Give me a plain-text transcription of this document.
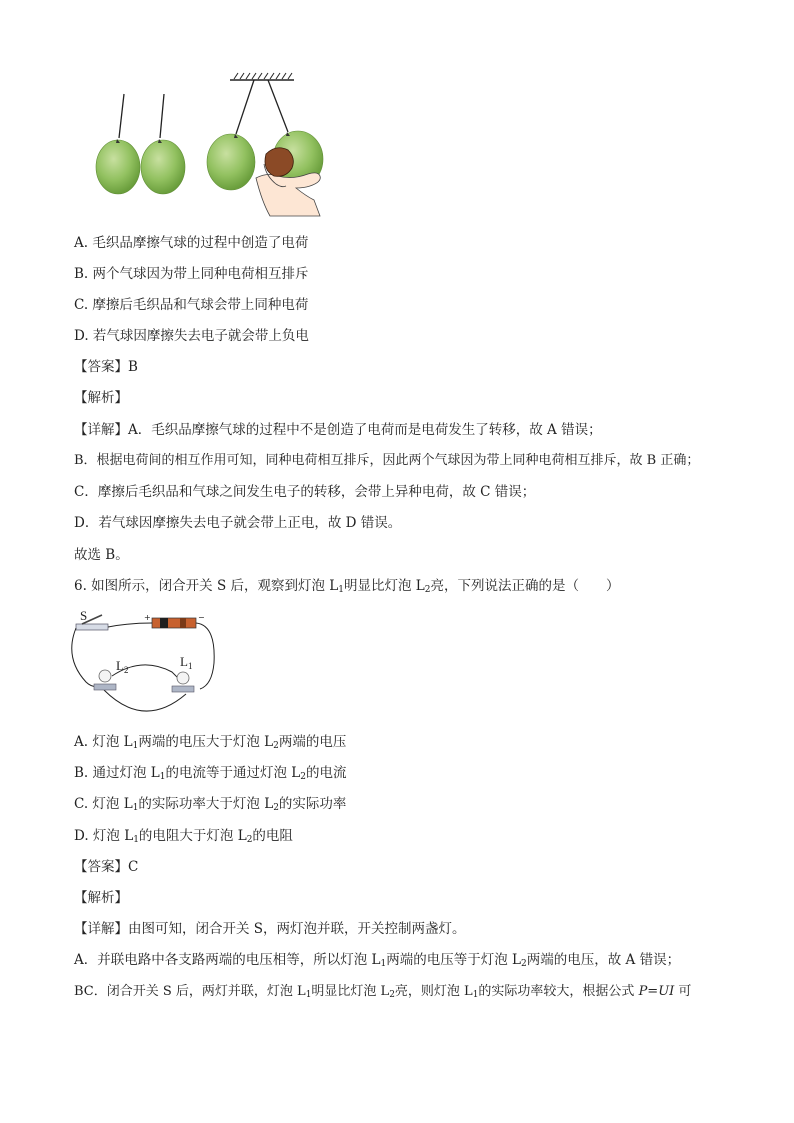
A. 毛织品摩擦气球的过程中创造了电荷
B. 两个气球因为带上同种电荷相互排斥
C. 摩擦后毛织品和气球会带上同种电荷
D. 若气球因摩擦失去电子就会带上负电
【答案】B
【解析】
【详解】A．毛织品摩擦气球的过程中不是创造了电荷而是电荷发生了转移，故 A 错误；
B．根据电荷间的相互作用可知，同种电荷相互排斥，因此两个气球因为带上同种电荷相互排斥，故 B 正确；
C．摩擦后毛织品和气球之间发生电子的转移，会带上异种电荷，故 C 错误；
D．若气球因摩擦失去电子就会带上正电，故 D 错误。
故选 B。
6. 如图所示，闭合开关 S 后，观察到灯泡 $L_1$明显比灯泡 $L_2$亮，下列说法正确的是（　　）
S	+	−
$L_2$
$L_1$
A. 灯泡 $L_1$两端的电压大于灯泡 $L_2$两端的电压
B. 通过灯泡 $L_1$的电流等于通过灯泡 $L_2$的电流
C. 灯泡 $L_1$的实际功率大于灯泡 $L_2$的实际功率
D. 灯泡 $L_1$的电阻大于灯泡 $L_2$的电阻
【答案】C
【解析】
【详解】由图可知，闭合开关 S，两灯泡并联，开关控制两盏灯。
A．并联电路中各支路两端的电压相等，所以灯泡 $L_1$两端的电压等于灯泡 $L_2$两端的电压，故 A 错误；
BC．闭合开关 S 后，两灯并联，灯泡 $L_1$明显比灯泡 $L_2$亮，则灯泡 $L_1$的实际功率较大，根据公式 P=UI 可
